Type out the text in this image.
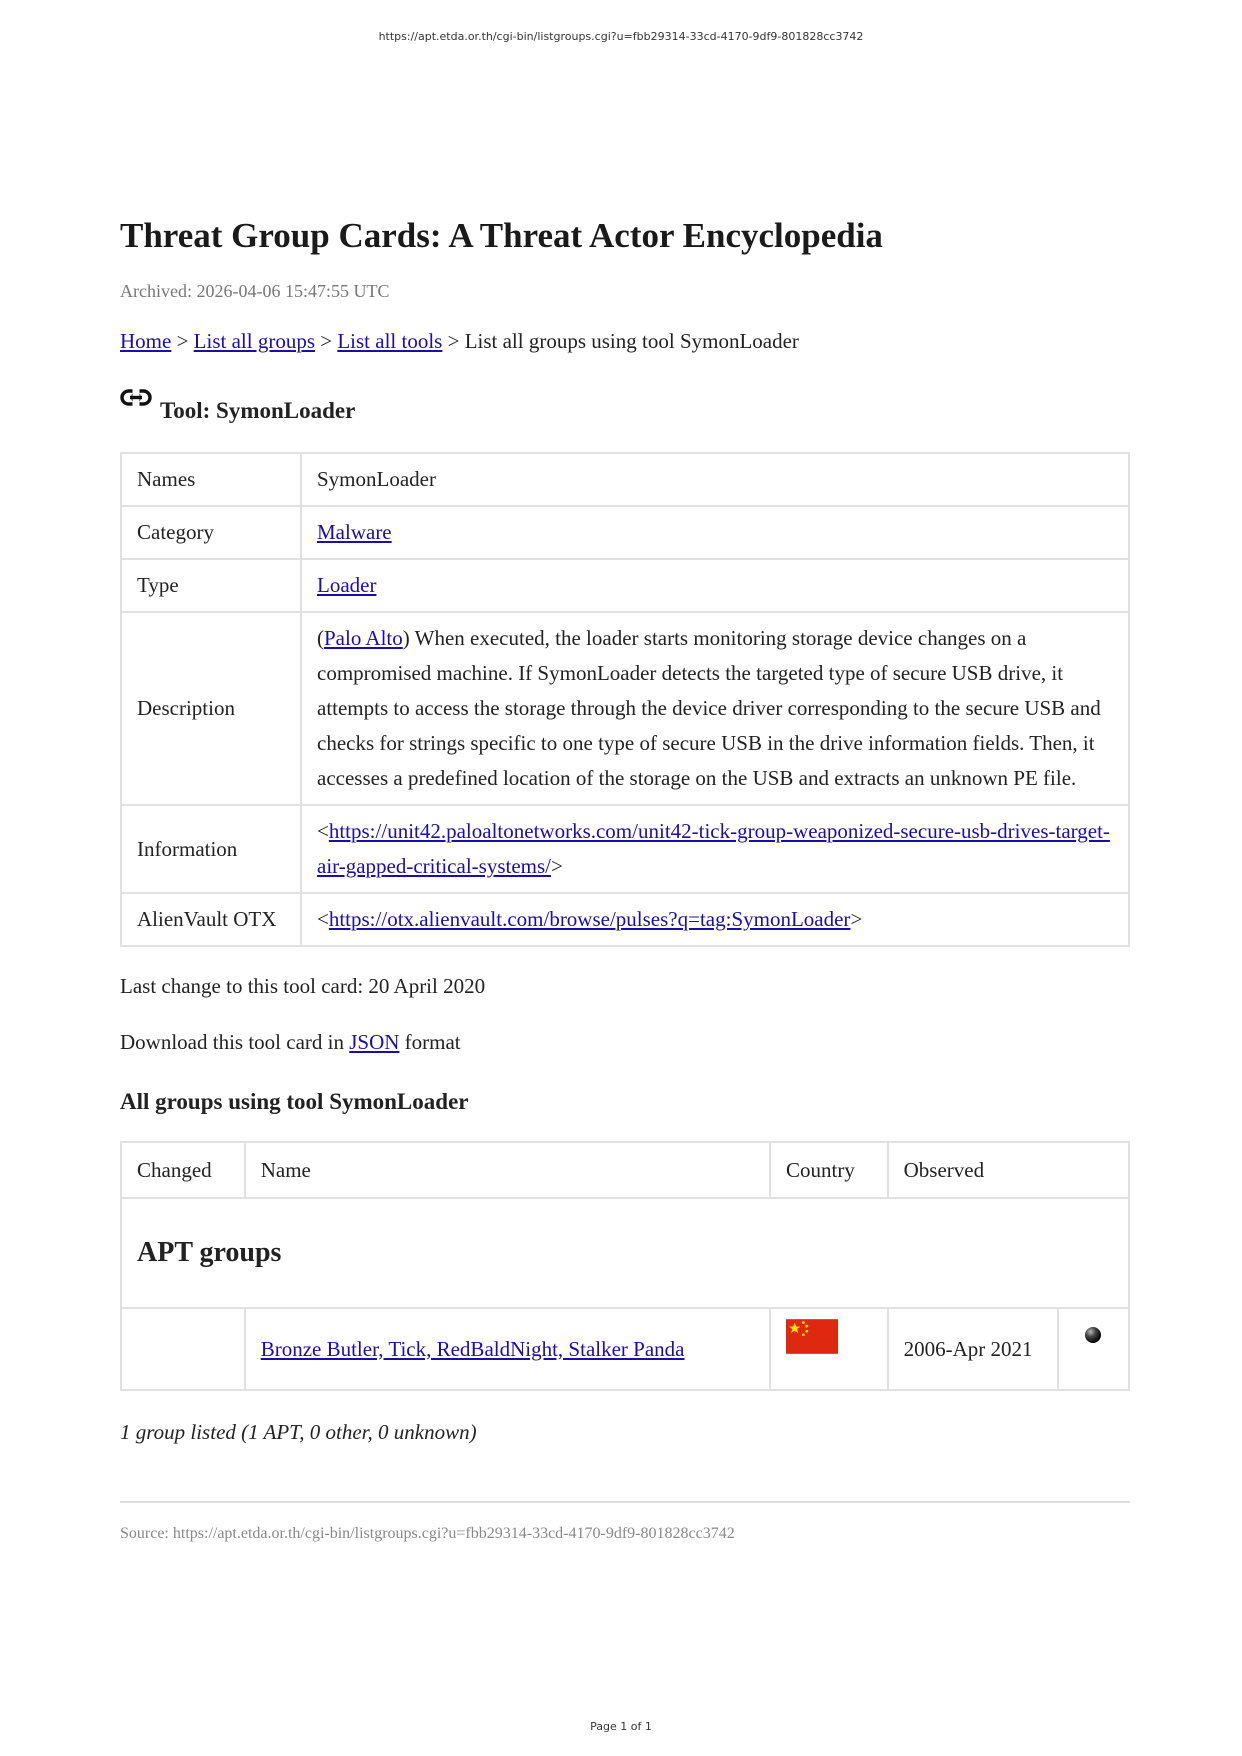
https://apt.etda.or.th/cgi-bin/listgroups.cgi?u=fbb29314-33cd-4170-9df9-801828cc3742
Threat Group Cards: A Threat Actor Encyclopedia
Archived: 2026-04-06 15:47:55 UTC
Home > List all groups > List all tools > List all groups using tool SymonLoader
Tool: SymonLoader
Names	SymonLoader
Category	Malware
Type	Loader
Description	(Palo Alto) When executed, the loader starts monitoring storage device changes on a compromised machine. If SymonLoader detects the targeted type of secure USB drive, it attempts to access the storage through the device driver corresponding to the secure USB and checks for strings specific to one type of secure USB in the drive information fields. Then, it accesses a predefined location of the storage on the USB and extracts an unknown PE file.
Information	<https://unit42.paloaltonetworks.com/unit42-tick-group-weaponized-secure-usb-drives-target-air-gapped-critical-systems/>
AlienVault OTX	<https://otx.alienvault.com/browse/pulses?q=tag:SymonLoader>
Last change to this tool card: 20 April 2020
Download this tool card in JSON format
All groups using tool SymonLoader
Changed	Name	Country	Observed	
APT groups				
	Bronze Butler, Tick, RedBaldNight, Stalker Panda		2006-Apr 2021	
1 group listed (1 APT, 0 other, 0 unknown)
Source: https://apt.etda.or.th/cgi-bin/listgroups.cgi?u=fbb29314-33cd-4170-9df9-801828cc3742
Page 1 of 1
